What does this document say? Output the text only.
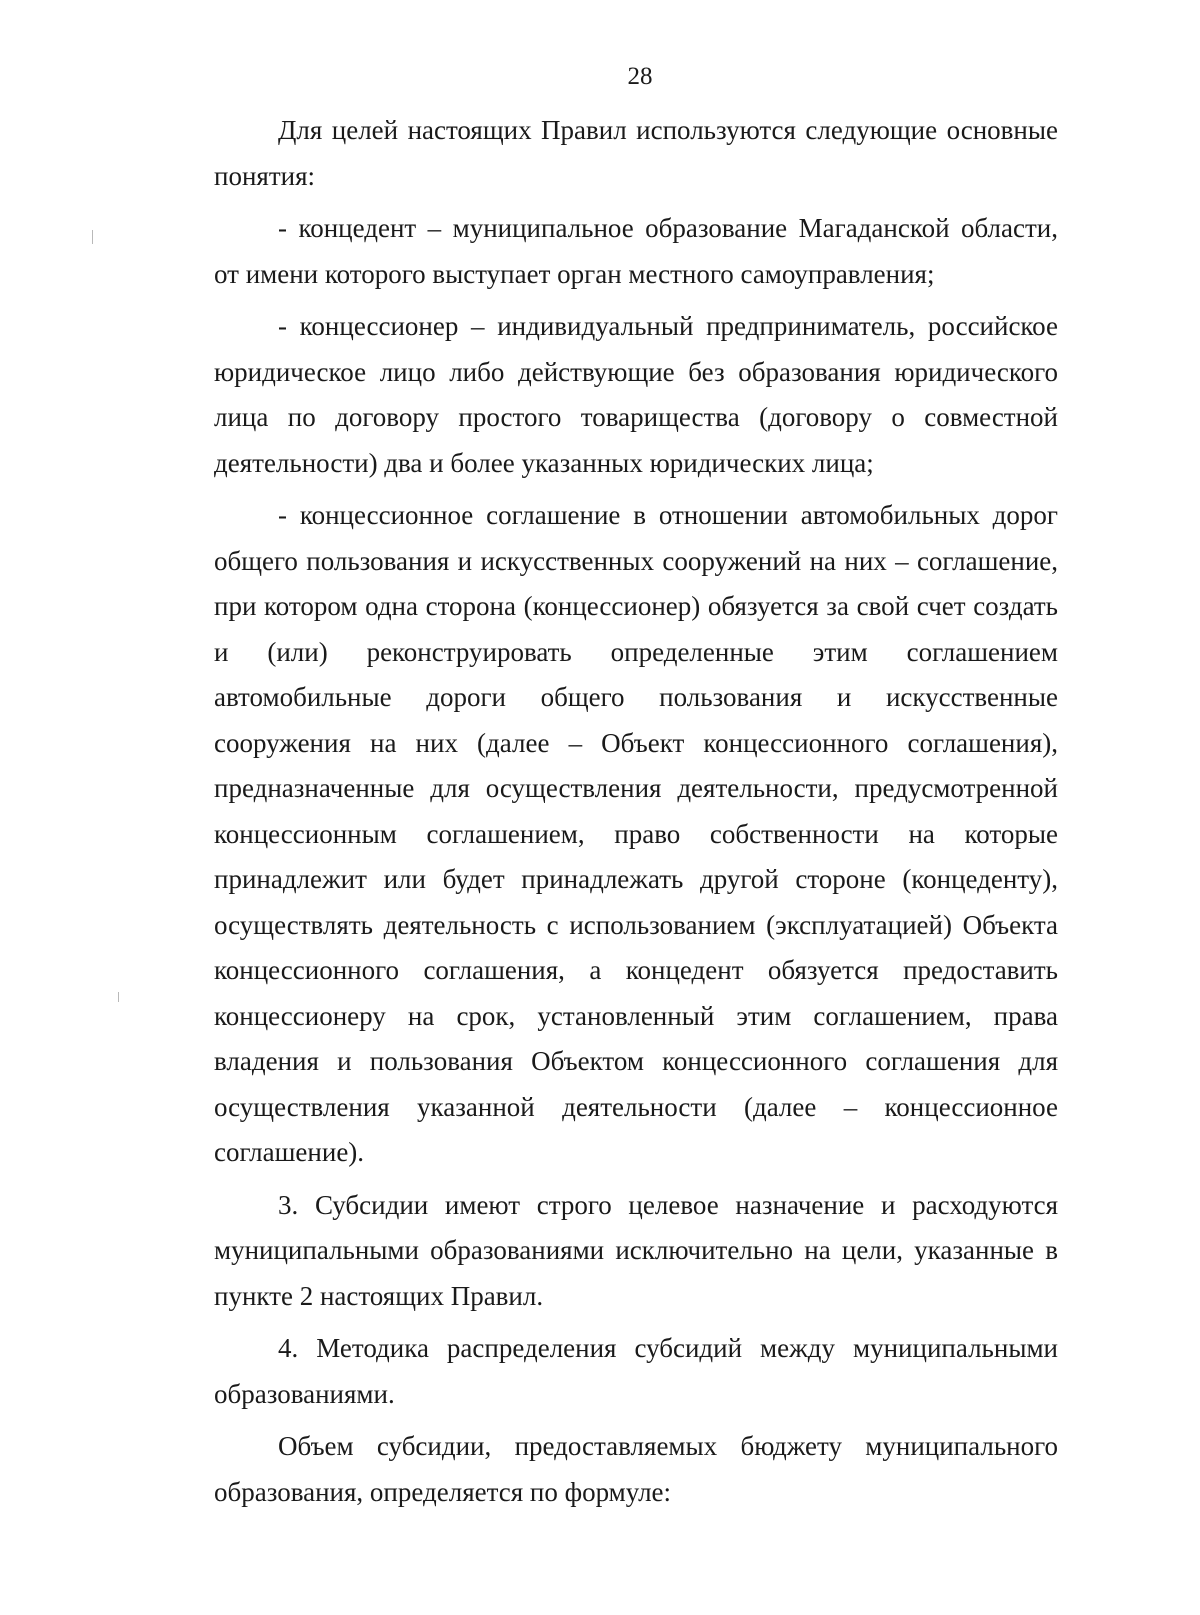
28

Для целей настоящих Правил используются следующие основные понятия:

- концедент – муниципальное образование Магаданской области, от имени которого выступает орган местного самоуправления;

- концессионер – индивидуальный предприниматель, российское юридическое лицо либо действующие без образования юридического лица по договору простого товарищества (договору о совместной деятельности) два и более указанных юридических лица;

- концессионное соглашение в отношении автомобильных дорог общего пользования и искусственных сооружений на них – соглашение, при котором одна сторона (концессионер) обязуется за свой счет создать и (или) реконструировать определенные этим соглашением автомобильные дороги общего пользования и искусственные сооружения на них (далее – Объект концессионного соглашения), предназначенные для осуществления деятельности, предусмотренной концессионным соглашением, право собственности на которые принадлежит или будет принадлежать другой стороне (концеденту), осуществлять деятельность с использованием (эксплуатацией) Объекта концессионного соглашения, а концедент обязуется предоставить концессионеру на срок, установленный этим соглашением, права владения и пользования Объектом концессионного соглашения для осуществления указанной деятельности (далее – концессионное соглашение).

3. Субсидии имеют строго целевое назначение и расходуются муниципальными образованиями исключительно на цели, указанные в пункте 2 настоящих Правил.

4. Методика распределения субсидий между муниципальными образованиями.

Объем субсидии, предоставляемых бюджету муниципального образования, определяется по формуле:
